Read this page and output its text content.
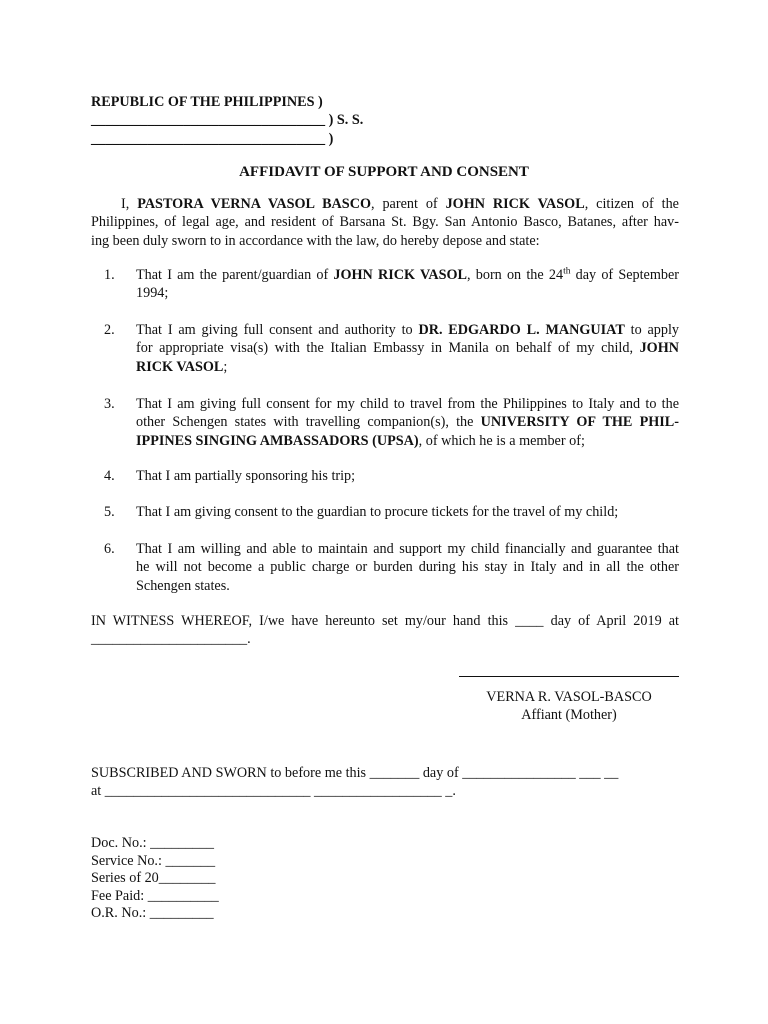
REPUBLIC OF THE PHILIPPINES )
_________________________________ ) S. S.
_________________________________ )
AFFIDAVIT OF SUPPORT AND CONSENT
I, PASTORA VERNA VASOL BASCO, parent of JOHN RICK VASOL, citizen of the
Philippines, of legal age, and resident of Barsana St. Bgy. San Antonio Basco, Batanes, after hav-
ing been duly sworn to in accordance with the law, do hereby depose and state:
1. That I am the parent/guardian of JOHN RICK VASOL, born on the 24th day of September
1994;
2. That I am giving full consent and authority to DR. EDGARDO L. MANGUIAT to apply
for appropriate visa(s) with the Italian Embassy in Manila on behalf of my child, JOHN
RICK VASOL;
3. That I am giving full consent for my child to travel from the Philippines to Italy and to the
other Schengen states with travelling companion(s), the UNIVERSITY OF THE PHIL-
IPPINES SINGING AMBASSADORS (UPSA), of which he is a member of;
4. That I am partially sponsoring his trip;
5. That I am giving consent to the guardian to procure tickets for the travel of my child;
6. That I am willing and able to maintain and support my child financially and guarantee that
he will not become a public charge or burden during his stay in Italy and in all the other
Schengen states.
IN WITNESS WHEREOF, I/we have hereunto set my/our hand this ____ day of April 2019 at
______________________.
VERNA R. VASOL-BASCO
Affiant (Mother)
SUBSCRIBED AND SWORN to before me this _______ day of ________________ ___ __
at _____________________________ __________________ _.
Doc. No.: _________
Service No.: _______
Series of 20________
Fee Paid: __________
O.R. No.: _________
